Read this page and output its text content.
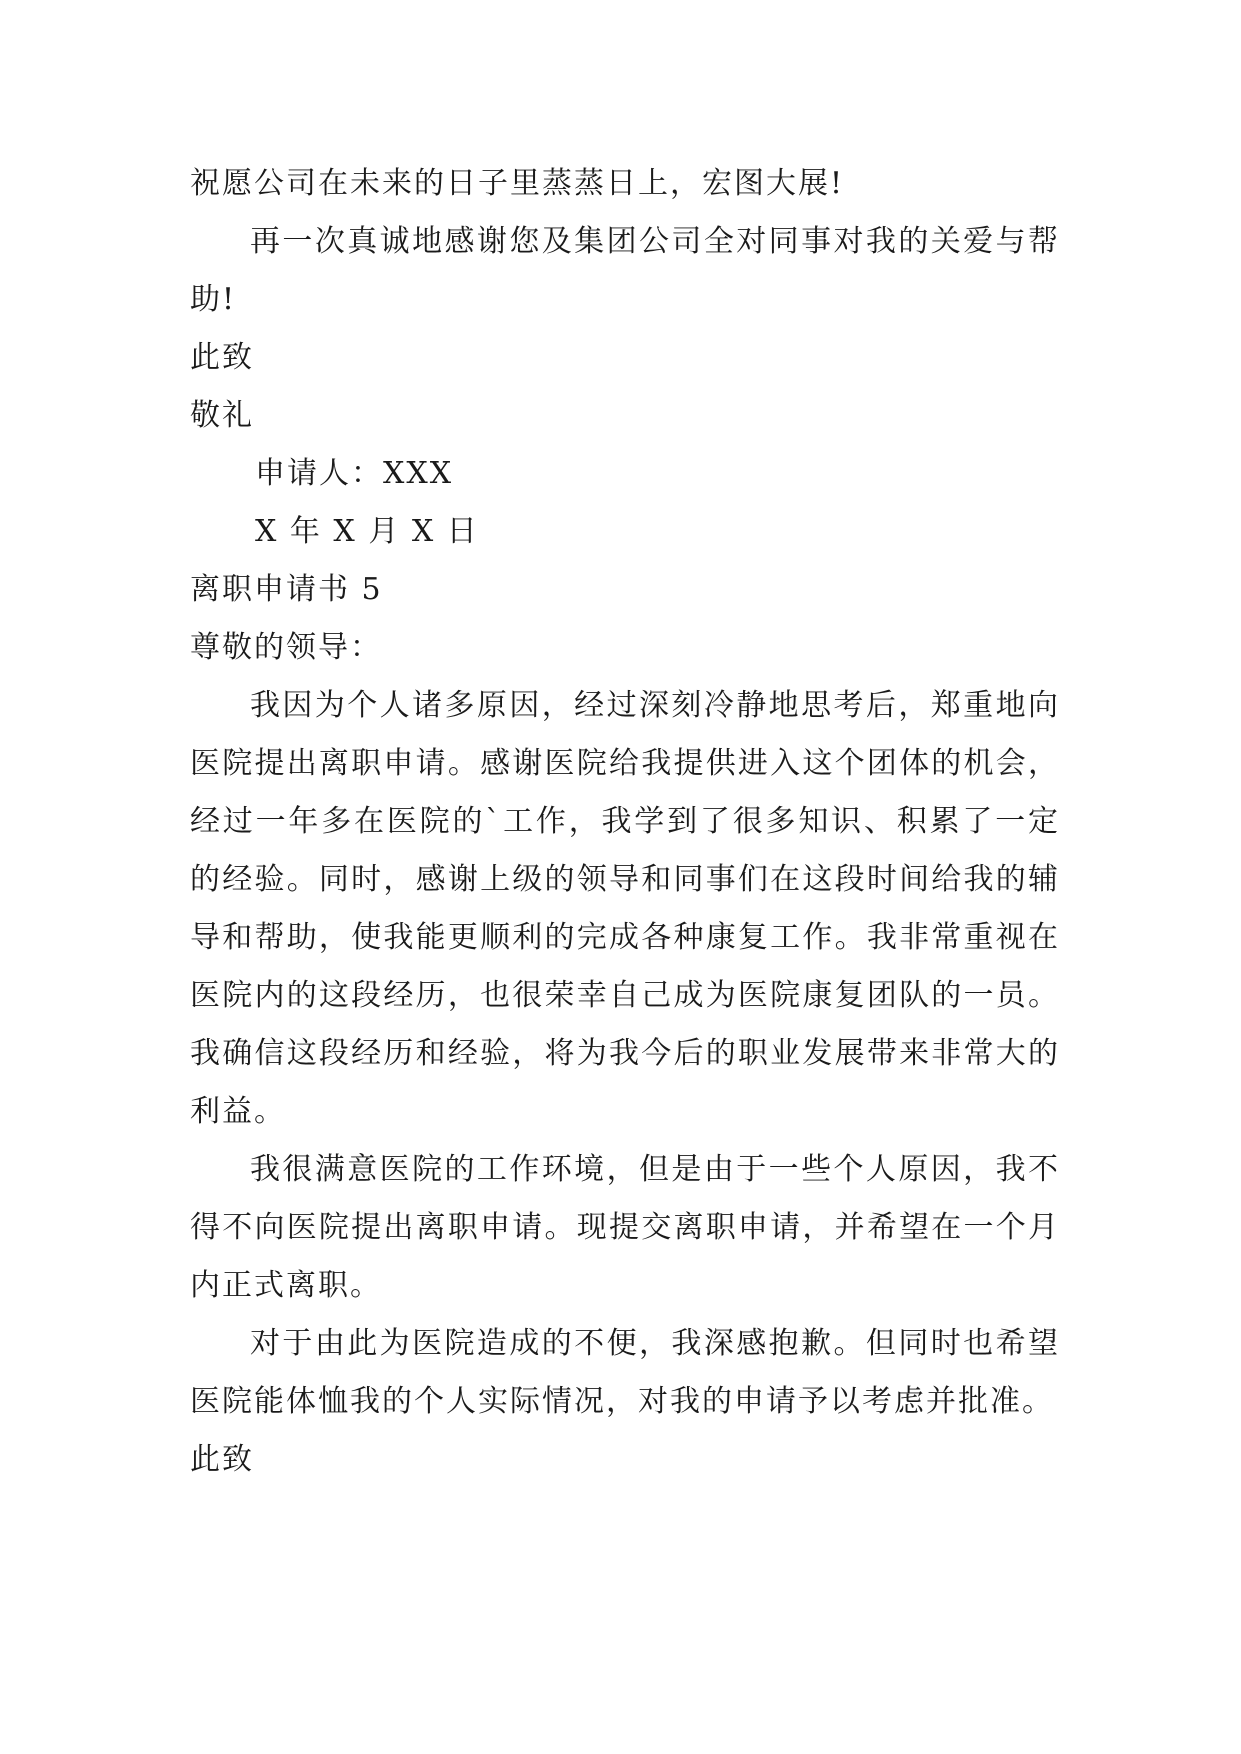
祝愿公司在未来的日子里蒸蒸日上，宏图大展!

再一次真诚地感谢您及集团公司全对同事对我的关爱与帮助!

此致
敬礼
申请人：XXX
X 年 X 月 X 日
离职申请书 5
尊敬的领导：

我因为个人诸多原因，经过深刻冷静地思考后，郑重地向医院提出离职申请。感谢医院给我提供进入这个团体的机会，经过一年多在医院的`工作，我学到了很多知识、积累了一定的经验。同时，感谢上级的领导和同事们在这段时间给我的辅导和帮助，使我能更顺利的完成各种康复工作。我非常重视在医院内的这段经历，也很荣幸自己成为医院康复团队的一员。我确信这段经历和经验，将为我今后的职业发展带来非常大的利益。

我很满意医院的工作环境，但是由于一些个人原因，我不得不向医院提出离职申请。现提交离职申请，并希望在一个月内正式离职。

对于由此为医院造成的不便，我深感抱歉。但同时也希望医院能体恤我的个人实际情况，对我的申请予以考虑并批准。

此致
